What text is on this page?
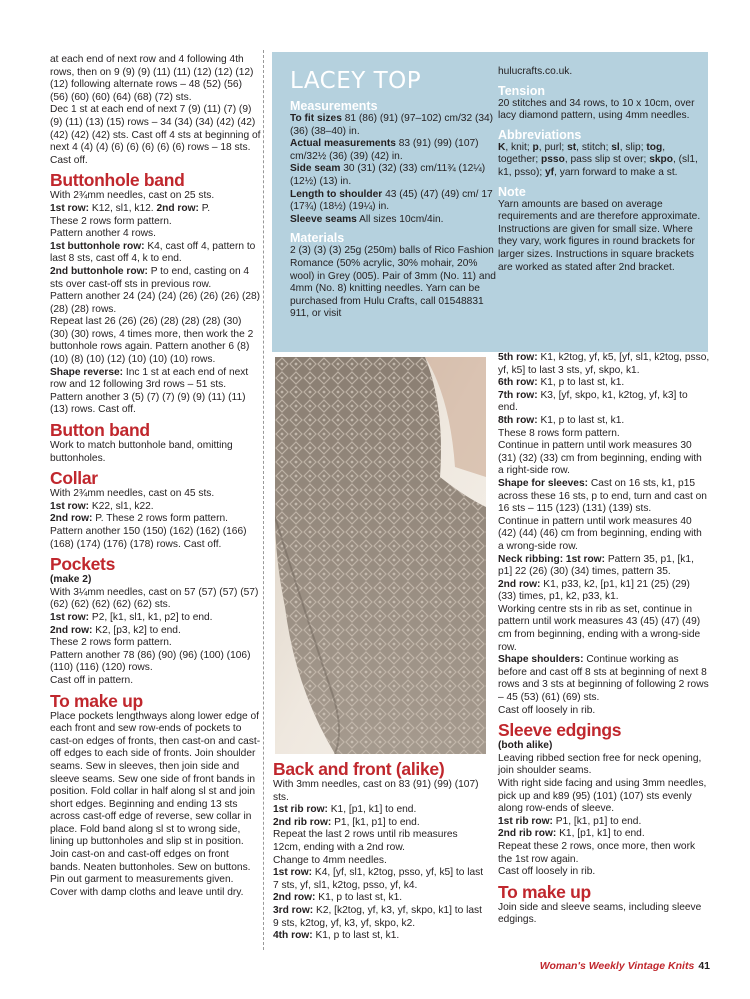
at each end of next row and 4 following 4th rows, then on 9 (9) (9) (11) (11) (12) (12) (12) (12) following alternate rows – 48 (52) (56) (56) (60) (60) (64) (68) (72) sts.

Dec 1 st at each end of next 7 (9) (11) (7) (9) (9) (11) (13) (15) rows – 34 (34) (34) (42) (42) (42) (42) (42) sts. Cast off 4 sts at beginning of next 4 (4) (4) (6) (6) (6) (6) (6) rows – 18 sts. Cast off.

Buttonhole band

With 2¾mm needles, cast on 25 sts.

1st row: K12, sl1, k12. 2nd row: P.

These 2 rows form pattern.

Pattern another 4 rows.

1st buttonhole row: K4, cast off 4, pattern to last 8 sts, cast off 4, k to end.

2nd buttonhole row: P to end, casting on 4 sts over cast-off sts in previous row.

Pattern another 24 (24) (24) (26) (26) (26) (28) (28) (28) rows.

Repeat last 26 (26) (26) (28) (28) (28) (30) (30) (30) rows, 4 times more, then work the 2 buttonhole rows again. Pattern another 6 (8) (10) (8) (10) (12) (10) (10) (10) rows.

Shape reverse: Inc 1 st at each end of next row and 12 following 3rd rows – 51 sts.

Pattern another 3 (5) (7) (7) (9) (9) (11) (11) (13) rows. Cast off.

Button band

Work to match buttonhole band, omitting buttonholes.

Collar

With 2¾mm needles, cast on 45 sts.

1st row: K22, sl1, k22.

2nd row: P. These 2 rows form pattern.

Pattern another 150 (150) (162) (162) (166) (168) (174) (176) (178) rows. Cast off.

Pockets

(make 2)

With 3¼mm needles, cast on 57 (57) (57) (57) (62) (62) (62) (62) (62) sts.

1st row: P2, [k1, sl1, k1, p2] to end.

2nd row: K2, [p3, k2] to end.

These 2 rows form pattern.

Pattern another 78 (86) (90) (96) (100) (106) (110) (116) (120) rows.

Cast off in pattern.

To make up

Place pockets lengthways along lower edge of each front and sew row-ends of pockets to cast-on edges of fronts, then cast-on and cast-off edges to each side of fronts. Join shoulder seams. Sew in sleeves, then join side and sleeve seams. Sew one side of front bands in position. Fold collar in half along sl st and join short edges. Beginning and ending 13 sts across cast-off edge of reverse, sew collar in place. Fold band along sl st to wrong side, lining up buttonholes and slip st in position. Join cast-on and cast-off edges on front bands. Neaten buttonholes. Sew on buttons.

Pin out garment to measurements given. Cover with damp cloths and leave until dry.

LACEY TOP
Measurements

To fit sizes 81 (86) (91) (97–102) cm/32 (34) (36) (38–40) in.

Actual measurements 83 (91) (99) (107) cm/32½ (36) (39) (42) in.

Side seam 30 (31) (32) (33) cm/11¾ (12¼) (12½) (13) in.

Length to shoulder 43 (45) (47) (49) cm/ 17 (17¾) (18½) (19¼) in.

Sleeve seams All sizes 10cm/4in.

Materials

2 (3) (3) (3) 25g (250m) balls of Rico Fashion Romance (50% acrylic, 30% mohair, 20% wool) in Grey (005). Pair of 3mm (No. 11) and 4mm (No. 8) knitting needles. Yarn can be purchased from Hulu Crafts, call 01548831 911, or visit

hulucrafts.co.uk.

Tension

20 stitches and 34 rows, to 10 x 10cm, over lacy diamond pattern, using 4mm needles.

Abbreviations

K, knit; p, purl; st, stitch; sl, slip; tog, together; psso, pass slip st over; skpo, (sl1, k1, psso); yf, yarn forward to make a st.

Note

Yarn amounts are based on average requirements and are therefore approximate. Instructions are given for small size. Where they vary, work figures in round brackets for larger sizes. Instructions in square brackets are worked as stated after 2nd bracket.

Back and front (alike)

With 3mm needles, cast on 83 (91) (99) (107) sts.

1st rib row: K1, [p1, k1] to end.

2nd rib row: P1, [k1, p1] to end.

Repeat the last 2 rows until rib measures 12cm, ending with a 2nd row.

Change to 4mm needles.

1st row: K4, [yf, sl1, k2tog, psso, yf, k5] to last 7 sts, yf, sl1, k2tog, psso, yf, k4.

2nd row: K1, p to last st, k1.

3rd row: K2, [k2tog, yf, k3, yf, skpo, k1] to last 9 sts, k2tog, yf, k3, yf, skpo, k2.

4th row: K1, p to last st, k1.

5th row: K1, k2tog, yf, k5, [yf, sl1, k2tog, psso, yf, k5] to last 3 sts, yf, skpo, k1.

6th row: K1, p to last st, k1.

7th row: K3, [yf, skpo, k1, k2tog, yf, k3] to end.

8th row: K1, p to last st, k1.

These 8 rows form pattern.

Continue in pattern until work measures 30 (31) (32) (33) cm from beginning, ending with a right-side row.

Shape for sleeves: Cast on 16 sts, k1, p15 across these 16 sts, p to end, turn and cast on 16 sts – 115 (123) (131) (139) sts.

Continue in pattern until work measures 40 (42) (44) (46) cm from beginning, ending with a wrong-side row.

Neck ribbing: 1st row: Pattern 35, p1, [k1, p1] 22 (26) (30) (34) times, pattern 35.

2nd row: K1, p33, k2, [p1, k1] 21 (25) (29) (33) times, p1, k2, p33, k1.

Working centre sts in rib as set, continue in pattern until work measures 43 (45) (47) (49) cm from beginning, ending with a wrong-side row.

Shape shoulders: Continue working as before and cast off 8 sts at beginning of next 8 rows and 3 sts at beginning of following 2 rows – 45 (53) (61) (69) sts.

Cast off loosely in rib.

Sleeve edgings

(both alike)

Leaving ribbed section free for neck opening, join shoulder seams.

With right side facing and using 3mm needles, pick up and k89 (95) (101) (107) sts evenly along row-ends of sleeve.

1st rib row: P1, [k1, p1] to end.

2nd rib row: K1, [p1, k1] to end.

Repeat these 2 rows, once more, then work the 1st row again.

Cast off loosely in rib.

To make up

Join side and sleeve seams, including sleeve edgings.

Woman's Weekly Vintage Knits 41
